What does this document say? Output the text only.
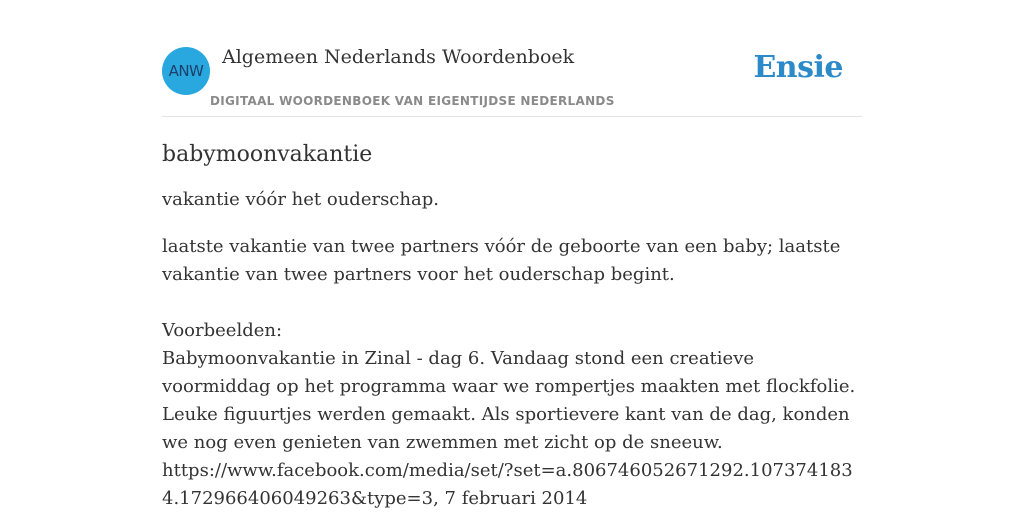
ANW
Algemeen Nederlands Woordenboek
DIGITAAL WOORDENBOEK VAN EIGENTIJDSE NEDERLANDS
Ensie
babymoonvakantie

vakantie vóór het ouderschap.

laatste vakantie van twee partners vóór de geboorte van een baby; laatste vakantie van twee partners voor het ouderschap begint.

Voorbeelden:
Babymoonvakantie in Zinal - dag 6. Vandaag stond een creatieve voormiddag op het programma waar we rompertjes maakten met flockfolie. Leuke figuurtjes werden gemaakt. Als sportievere kant van de dag, konden we nog even genieten van zwemmen met zicht op de sneeuw.
https://www.facebook.com/media/set/?set=a.806746052671292.1073741834.172966406049263&type=3, 7 februari 2014
